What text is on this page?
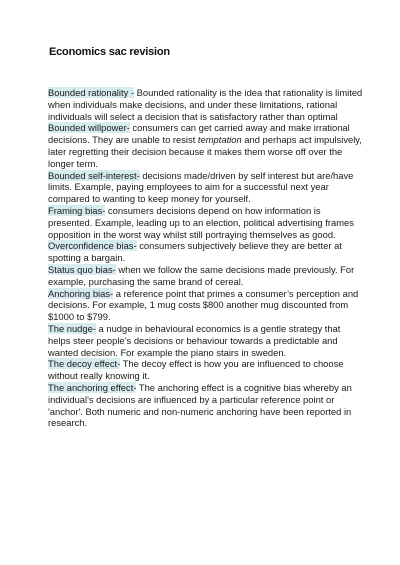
Economics sac revision

Bounded rationality - Bounded rationality is the idea that rationality is limited when individuals make decisions, and under these limitations, rational individuals will select a decision that is satisfactory rather than optimal

Bounded willpower- consumers can get carried away and make irrational decisions. They are unable to resist temptation and perhaps act impulsively, later regretting their decision because it makes them worse off over the longer term.

Bounded self-interest- decisions made/driven by self interest but are/have limits. Example, paying employees to aim for a successful next year compared to wanting to keep money for yourself.

Framing bias- consumers decisions depend on how information is presented. Example, leading up to an election, political advertising frames opposition in the worst way whilst still portraying themselves as good.

Overconfidence bias- consumers subjectively believe they are better at spotting a bargain.

Status quo bias- when we follow the same decisions made previously. For example, purchasing the same brand of cereal.

Anchoring bias- a reference point that primes a consumer’s perception and decisions. For example, 1 mug costs $800 another mug discounted from $1000 to $799.

The nudge- a nudge in behavioural economics is a gentle strategy that helps steer people’s decisions or behaviour towards a predictable and wanted decision. For example the piano stairs in sweden.

The decoy effect- The decoy effect is how you are influenced to choose without really knowing it.

The anchoring effect- The anchoring effect is a cognitive bias whereby an individual's decisions are influenced by a particular reference point or 'anchor'. Both numeric and non-numeric anchoring have been reported in research.
